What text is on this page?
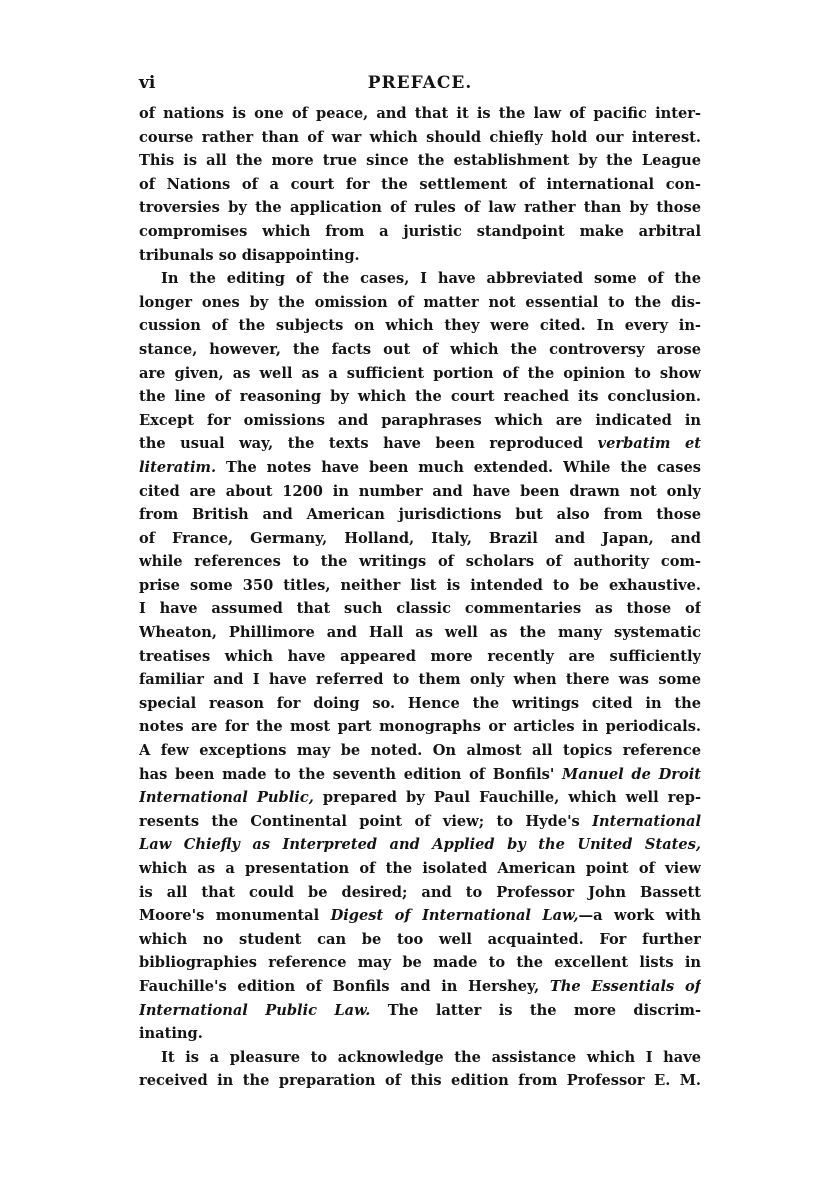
vi	PREFACE.

of nations is one of peace, and that it is the law of pacific inter-
course rather than of war which should chiefly hold our interest.
This is all the more true since the establishment by the League
of Nations of a court for the settlement of international con-
troversies by the application of rules of law rather than by those
compromises which from a juristic standpoint make arbitral
tribunals so disappointing.

In the editing of the cases, I have abbreviated some of the
longer ones by the omission of matter not essential to the dis-
cussion of the subjects on which they were cited. In every in-
stance, however, the facts out of which the controversy arose
are given, as well as a sufficient portion of the opinion to show
the line of reasoning by which the court reached its conclusion.
Except for omissions and paraphrases which are indicated in
the usual way, the texts have been reproduced verbatim et
literatim. The notes have been much extended. While the cases
cited are about 1200 in number and have been drawn not only
from British and American jurisdictions but also from those
of France, Germany, Holland, Italy, Brazil and Japan, and
while references to the writings of scholars of authority com-
prise some 350 titles, neither list is intended to be exhaustive.
I have assumed that such classic commentaries as those of
Wheaton, Phillimore and Hall as well as the many systematic
treatises which have appeared more recently are sufficiently
familiar and I have referred to them only when there was some
special reason for doing so. Hence the writings cited in the
notes are for the most part monographs or articles in periodicals.
A few exceptions may be noted. On almost all topics reference
has been made to the seventh edition of Bonfils' Manuel de Droit
International Public, prepared by Paul Fauchille, which well rep-
resents the Continental point of view; to Hyde's International
Law Chiefly as Interpreted and Applied by the United States,
which as a presentation of the isolated American point of view
is all that could be desired; and to Professor John Bassett
Moore's monumental Digest of International Law,—a work with
which no student can be too well acquainted. For further
bibliographies reference may be made to the excellent lists in
Fauchille's edition of Bonfils and in Hershey, The Essentials of
International Public Law. The latter is the more discrim-
inating.

It is a pleasure to acknowledge the assistance which I have
received in the preparation of this edition from Professor E. M.
